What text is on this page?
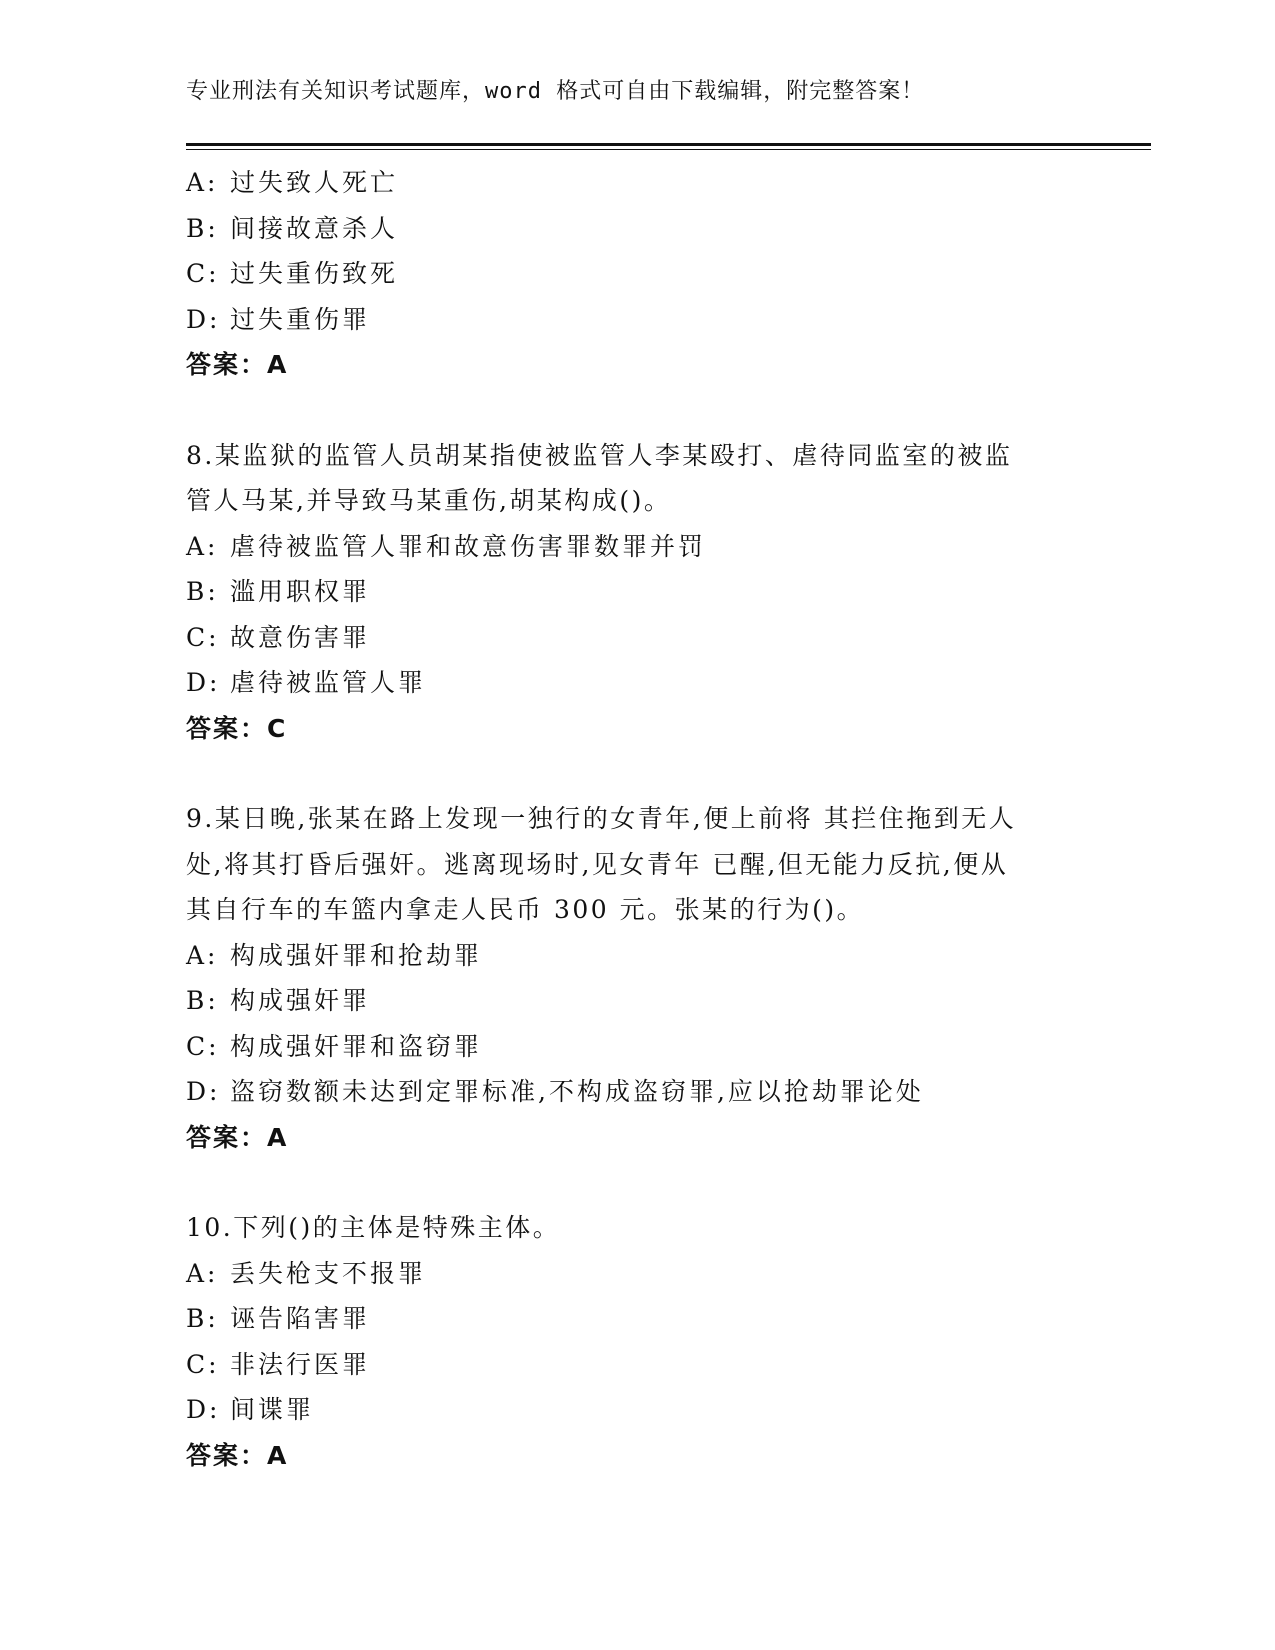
专业刑法有关知识考试题库，word 格式可自由下载编辑，附完整答案！
A: 过失致人死亡
B: 间接故意杀人
C: 过失重伤致死
D: 过失重伤罪
答案：A
8.某监狱的监管人员胡某指使被监管人李某殴打、虐待同监室的被监
管人马某,并导致马某重伤,胡某构成()。
A: 虐待被监管人罪和故意伤害罪数罪并罚
B: 滥用职权罪
C: 故意伤害罪
D: 虐待被监管人罪
答案：C
9.某日晚,张某在路上发现一独行的女青年,便上前将 其拦住拖到无人
处,将其打昏后强奸。逃离现场时,见女青年 已醒,但无能力反抗,便从
其自行车的车篮内拿走人民币 300 元。张某的行为()。
A: 构成强奸罪和抢劫罪
B: 构成强奸罪
C: 构成强奸罪和盗窃罪
D: 盗窃数额未达到定罪标准,不构成盗窃罪,应以抢劫罪论处
答案：A
10.下列()的主体是特殊主体。
A: 丢失枪支不报罪
B: 诬告陷害罪
C: 非法行医罪
D: 间谍罪
答案：A
